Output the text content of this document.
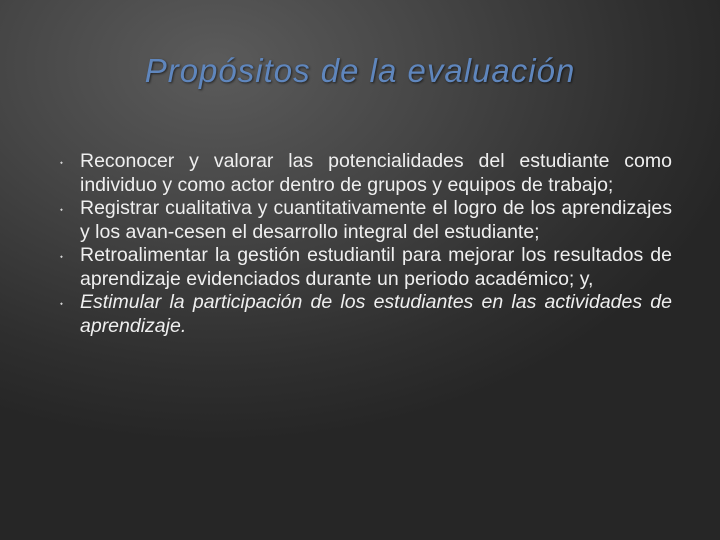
Propósitos de la evaluación
⬩ Reconocer y valorar las potencialidades del estudiante como individuo y como actor dentro de grupos y equipos de trabajo;
⬩ Registrar cualitativa y cuantitativamente el logro de los aprendizajes y los avan-cesen el desarrollo integral del estudiante;
⬩ Retroalimentar la gestión estudiantil para mejorar los resultados de aprendizaje evidenciados durante un periodo académico; y,
⬩ Estimular la participación de los estudiantes en las actividades de aprendizaje.
